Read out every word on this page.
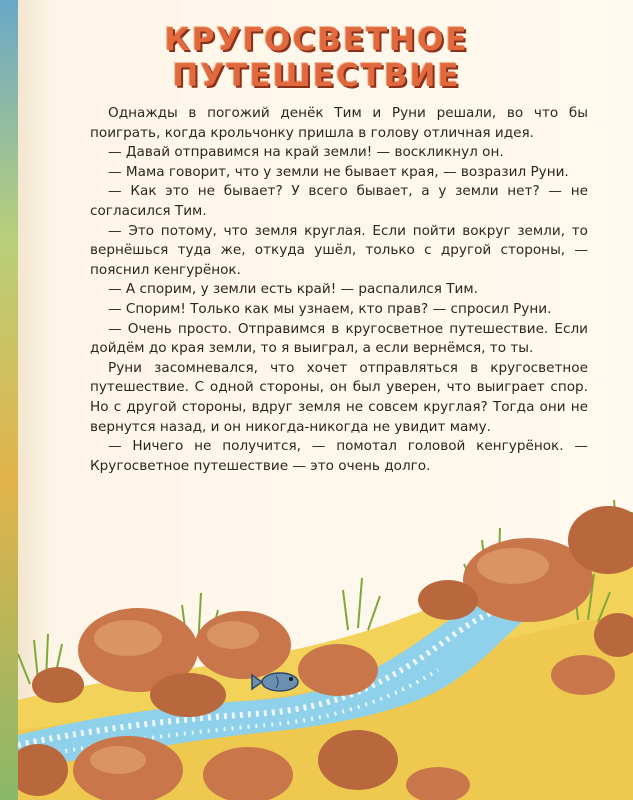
КРУГОСВЕТНОЕ
ПУТЕШЕСТВИЕ

Однажды в погожий денёк Тим и Руни решали, во что бы поиграть, когда крольчонку пришла в голову отличная идея.

— Давай отправимся на край земли! — воскликнул он.

— Мама говорит, что у земли не бывает края, — возразил Руни.

— Как это не бывает? У всего бывает, а у земли нет? — не согласился Тим.

— Это потому, что земля круглая. Если пойти вокруг земли, то вернёшься туда же, откуда ушёл, только с другой стороны, — пояснил кенгурёнок.

— А спорим, у земли есть край! — распалился Тим.

— Спорим! Только как мы узнаем, кто прав? — спросил Руни.

— Очень просто. Отправимся в кругосветное путешествие. Если дойдём до края земли, то я выиграл, а если вернёмся, то ты.

Руни засомневался, что хочет отправляться в кругосветное путешествие. С одной стороны, он был уверен, что выиграет спор. Но с другой стороны, вдруг земля не совсем круглая? Тогда они не вернутся назад, и он никогда-никогда не увидит маму.

— Ничего не получится, — помотал головой кенгурёнок. — Кругосветное путешествие — это очень долго.
